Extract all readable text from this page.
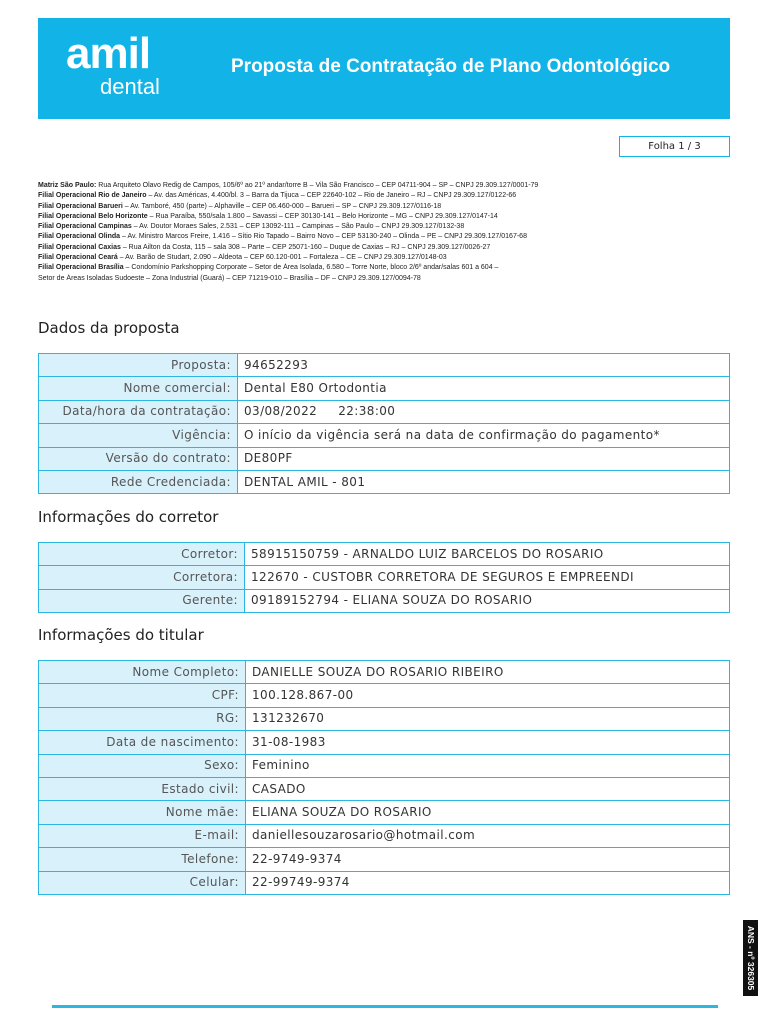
amil
dental
Proposta de Contratação de Plano Odontológico
Folha 1 / 3
Matriz São Paulo: Rua Arquiteto Olavo Redig de Campos, 105/6º ao 21º andar/torre B – Vila São Francisco – CEP 04711-904 – SP – CNPJ 29.309.127/0001-79
Filial Operacional Rio de Janeiro – Av. das Américas, 4.400/bl. 3 – Barra da Tijuca – CEP 22640-102 – Rio de Janeiro – RJ – CNPJ 29.309.127/0122-66
Filial Operacional Barueri – Av. Tamboré, 450 (parte) – Alphaville – CEP 06.460-000 – Barueri – SP – CNPJ 29.309.127/0116-18
Filial Operacional Belo Horizonte – Rua Paraíba, 550/sala 1.800 – Savassi – CEP 30130-141 – Belo Horizonte – MG – CNPJ 29.309.127/0147-14
Filial Operacional Campinas – Av. Doutor Moraes Sales, 2.531 – CEP 13092-111 – Campinas – São Paulo – CNPJ 29.309.127/0132-38
Filial Operacional Olinda – Av. Ministro Marcos Freire, 1.416 – Sítio Rio Tapado – Bairro Novo – CEP 53130-240 – Olinda – PE – CNPJ 29.309.127/0167-68
Filial Operacional Caxias – Rua Ailton da Costa, 115 – sala 308 – Parte – CEP 25071-160 – Duque de Caxias – RJ – CNPJ 29.309.127/0026-27
Filial Operacional Ceará – Av. Barão de Studart, 2.090 – Aldeota – CEP 60.120-001 – Fortaleza – CE – CNPJ 29.309.127/0148-03
Filial Operacional Brasília – Condomínio Parkshopping Corporate – Setor de Área Isolada, 6.580 – Torre Norte, bloco 2/6º andar/salas 601 a 604 –
Setor de Áreas Isoladas Sudoeste – Zona Industrial (Guará) – CEP 71219-010 – Brasília – DF – CNPJ 29.309.127/0094-78
Dados da proposta
Proposta:	94652293
Nome comercial:	Dental E80 Ortodontia
Data/hora da contratação:	03/08/2022     22:38:00
Vigência:	O início da vigência será na data de confirmação do pagamento*
Versão do contrato:	DE80PF
Rede Credenciada:	DENTAL AMIL - 801
Informações do corretor
Corretor:	58915150759 - ARNALDO LUIZ BARCELOS DO ROSARIO
Corretora:	122670 - CUSTOBR CORRETORA DE SEGUROS E EMPREENDI
Gerente:	09189152794 - ELIANA SOUZA DO ROSARIO
Informações do titular
Nome Completo:	DANIELLE SOUZA DO ROSARIO RIBEIRO
CPF:	100.128.867-00
RG:	131232670
Data de nascimento:	31-08-1983
Sexo:	Feminino
Estado civil:	CASADO
Nome mãe:	ELIANA SOUZA DO ROSARIO
E-mail:	daniellesouzarosario@hotmail.com
Telefone:	22-9749-9374
Celular:	22-99749-9374
ANS - nº 326305
